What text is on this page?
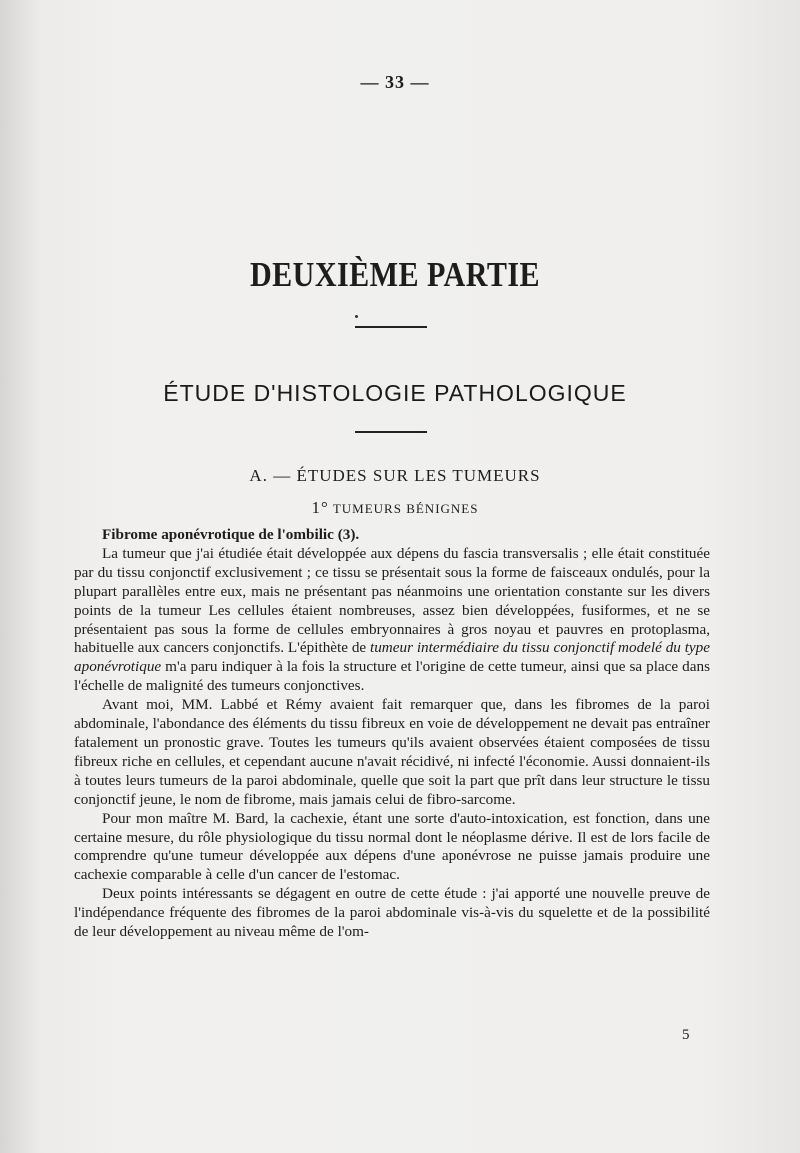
— 33 —
DEUXIÈME PARTIE
ÉTUDE D'HISTOLOGIE PATHOLOGIQUE
A. — ÉTUDES SUR LES TUMEURS
1° TUMEURS BÉNIGNES
Fibrome aponévrotique de l'ombilic (3).

La tumeur que j'ai étudiée était développée aux dépens du fascia transversalis ; elle était constituée par du tissu conjonctif exclusivement ; ce tissu se présentait sous la forme de faisceaux ondulés, pour la plupart parallèles entre eux, mais ne présentant pas néanmoins une orientation constante sur les divers points de la tumeur Les cellules étaient nombreuses, assez bien développées, fusiformes, et ne se présentaient pas sous la forme de cellules embryonnaires à gros noyau et pauvres en protoplasma, habituelle aux cancers conjonctifs. L'épithète de tumeur intermédiaire du tissu conjonctif modelé du type aponévrotique m'a paru indiquer à la fois la structure et l'origine de cette tumeur, ainsi que sa place dans l'échelle de malignité des tumeurs conjonctives.

Avant moi, MM. Labbé et Rémy avaient fait remarquer que, dans les fibromes de la paroi abdominale, l'abondance des éléments du tissu fibreux en voie de développement ne devait pas entraîner fatalement un pronostic grave. Toutes les tumeurs qu'ils avaient observées étaient composées de tissu fibreux riche en cellules, et cependant aucune n'avait récidivé, ni infecté l'économie. Aussi donnaient-ils à toutes leurs tumeurs de la paroi abdominale, quelle que soit la part que prît dans leur structure le tissu conjonctif jeune, le nom de fibrome, mais jamais celui de fibro-sarcome.

Pour mon maître M. Bard, la cachexie, étant une sorte d'auto-intoxication, est fonction, dans une certaine mesure, du rôle physiologique du tissu normal dont le néoplasme dérive. Il est de lors facile de comprendre qu'une tumeur développée aux dépens d'une aponévrose ne puisse jamais produire une cachexie comparable à celle d'un cancer de l'estomac.

Deux points intéressants se dégagent en outre de cette étude : j'ai apporté une nouvelle preuve de l'indépendance fréquente des fibromes de la paroi abdominale vis-à-vis du squelette et de la possibilité de leur développement au niveau même de l'om-

5
